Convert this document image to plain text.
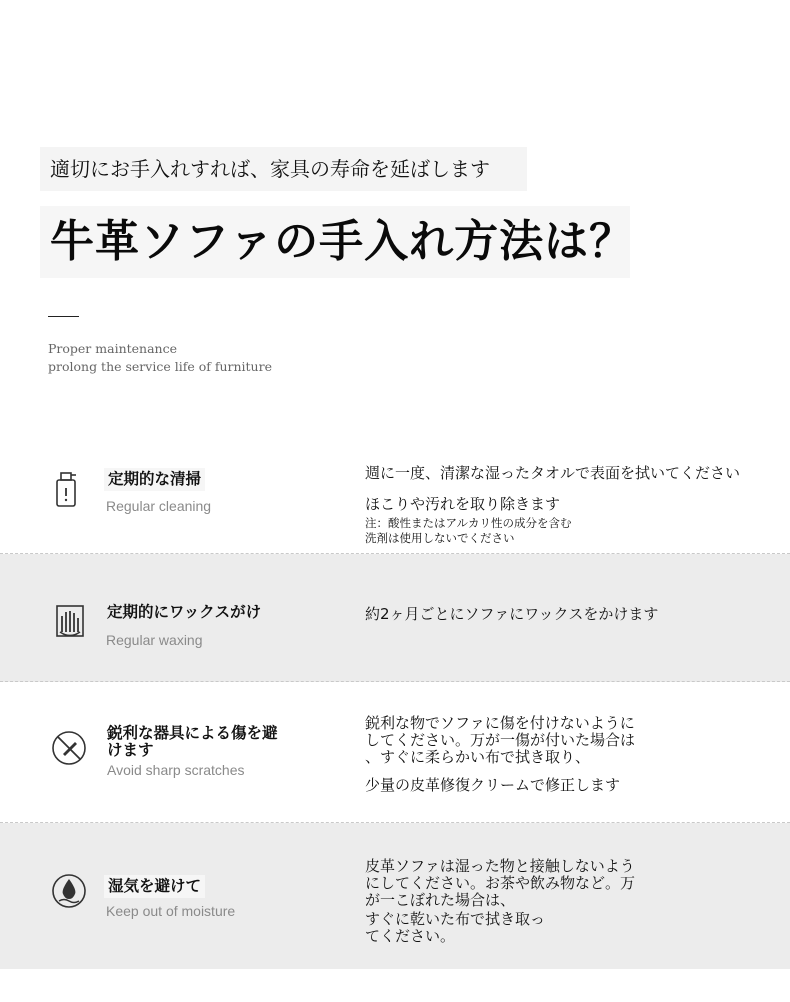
適切にお手入れすれば、家具の寿命を延ばします
牛革ソファの手入れ方法は？
Proper maintenance
prolong the service life of furniture
定期的な清掃
Regular cleaning
週に一度、清潔な湿ったタオルで表面を拭いてください
ほこりや汚れを取り除きます
注：酸性またはアルカリ性の成分を含む
洗剤は使用しないでください
定期的にワックスがけ
Regular waxing
約2ヶ月ごとにソファにワックスをかけます
鋭利な器具による傷を避
けます
Avoid sharp scratches
鋭利な物でソファに傷を付けないように
してください。万が一傷が付いた場合は
、すぐに柔らかい布で拭き取り、
少量の皮革修復クリームで修正します
湿気を避けて
Keep out of moisture
皮革ソファは湿った物と接触しないよう
にしてください。お茶や飲み物など。万
が一こぼれた場合は、
すぐに乾いた布で拭き取っ
てください。
